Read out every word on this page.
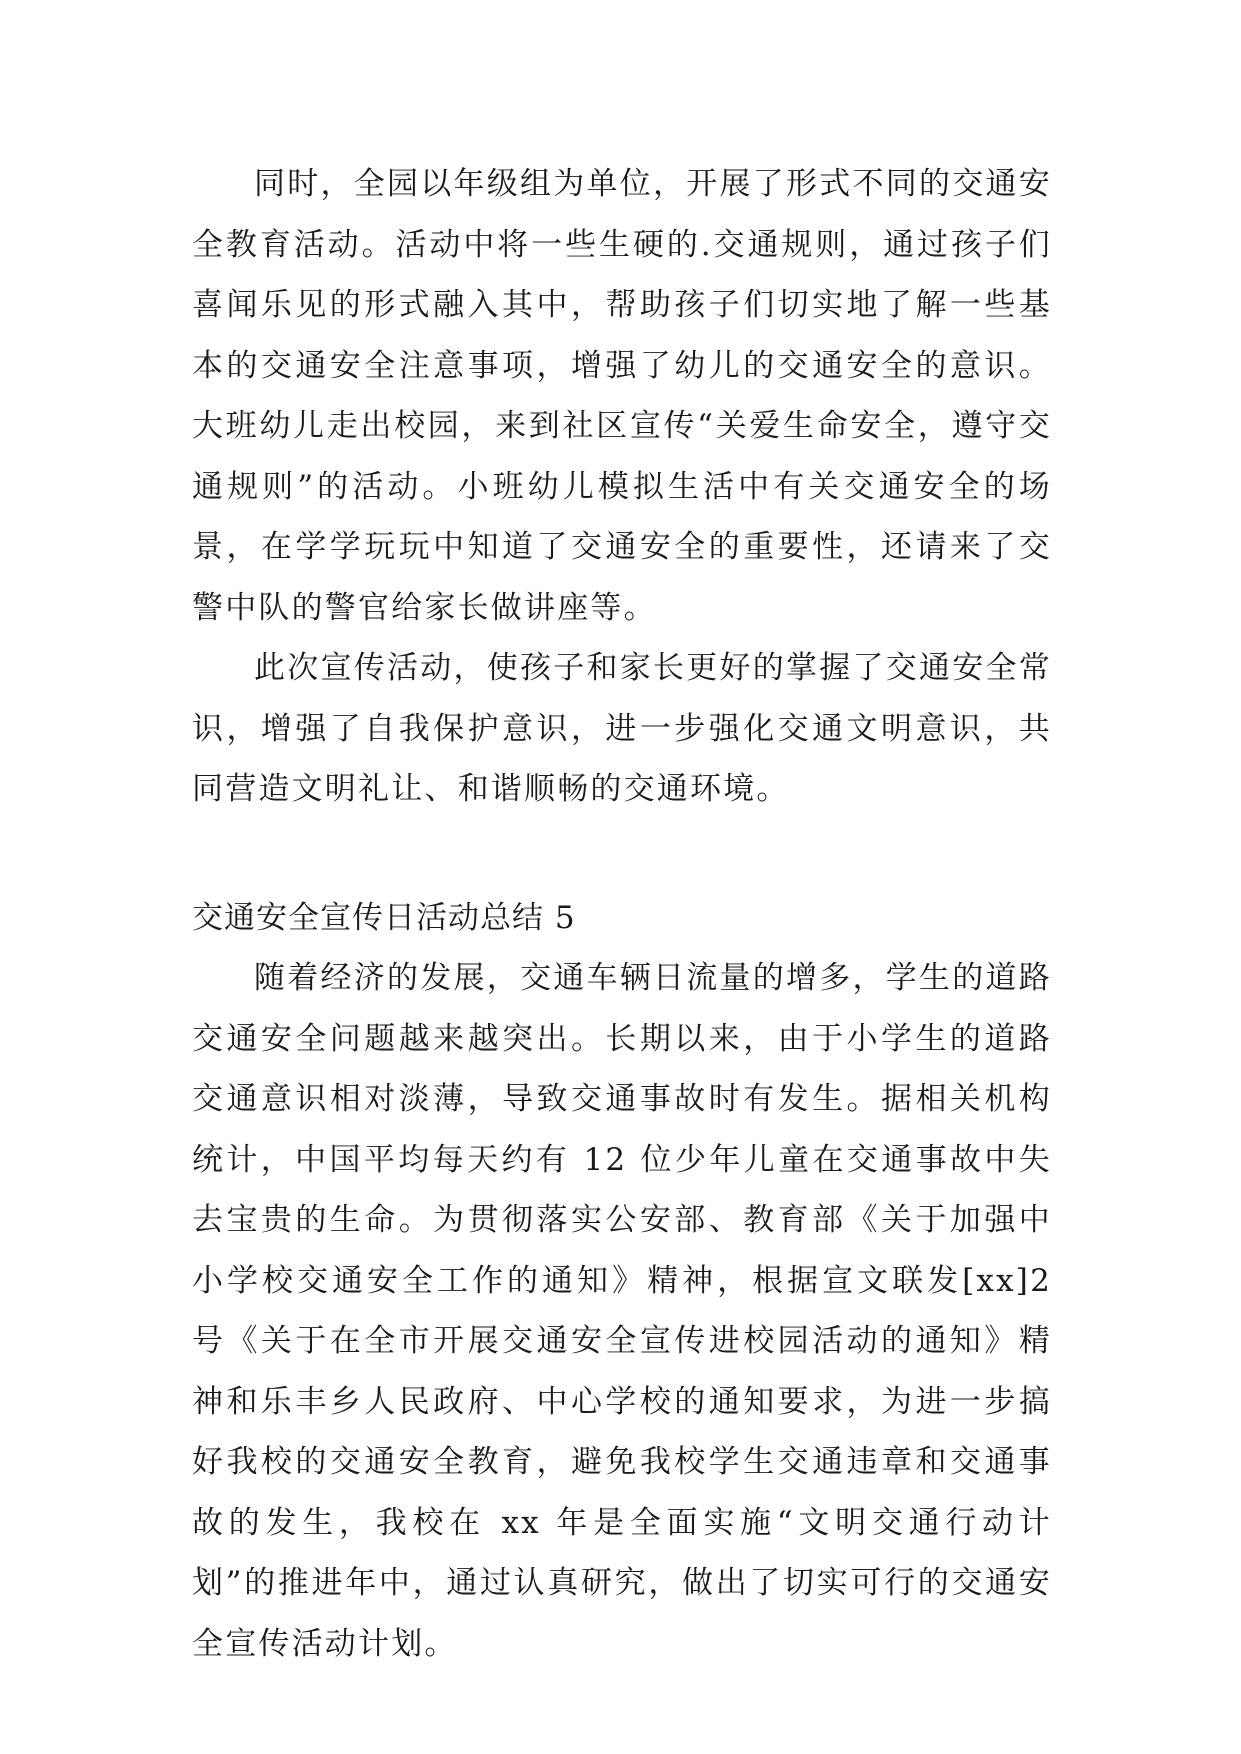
同时，全园以年级组为单位，开展了形式不同的交通安全教育活动。活动中将一些生硬的.交通规则，通过孩子们喜闻乐见的形式融入其中，帮助孩子们切实地了解一些基本的交通安全注意事项，增强了幼儿的交通安全的意识。大班幼儿走出校园，来到社区宣传“关爱生命安全，遵守交通规则”的活动。小班幼儿模拟生活中有关交通安全的场景，在学学玩玩中知道了交通安全的重要性，还请来了交警中队的警官给家长做讲座等。

此次宣传活动，使孩子和家长更好的掌握了交通安全常识，增强了自我保护意识，进一步强化交通文明意识，共同营造文明礼让、和谐顺畅的交通环境。

交通安全宣传日活动总结 5

随着经济的发展，交通车辆日流量的增多，学生的道路交通安全问题越来越突出。长期以来，由于小学生的道路交通意识相对淡薄，导致交通事故时有发生。据相关机构统计，中国平均每天约有 12 位少年儿童在交通事故中失去宝贵的生命。为贯彻落实公安部、教育部《关于加强中小学校交通安全工作的通知》精神，根据宣文联发[xx]2 号《关于在全市开展交通安全宣传进校园活动的通知》精神和乐丰乡人民政府、中心学校的通知要求，为进一步搞好我校的交通安全教育，避免我校学生交通违章和交通事故的发生，我校在 xx 年是全面实施“文明交通行动计划”的推进年中，通过认真研究，做出了切实可行的交通安全宣传活动计划。
